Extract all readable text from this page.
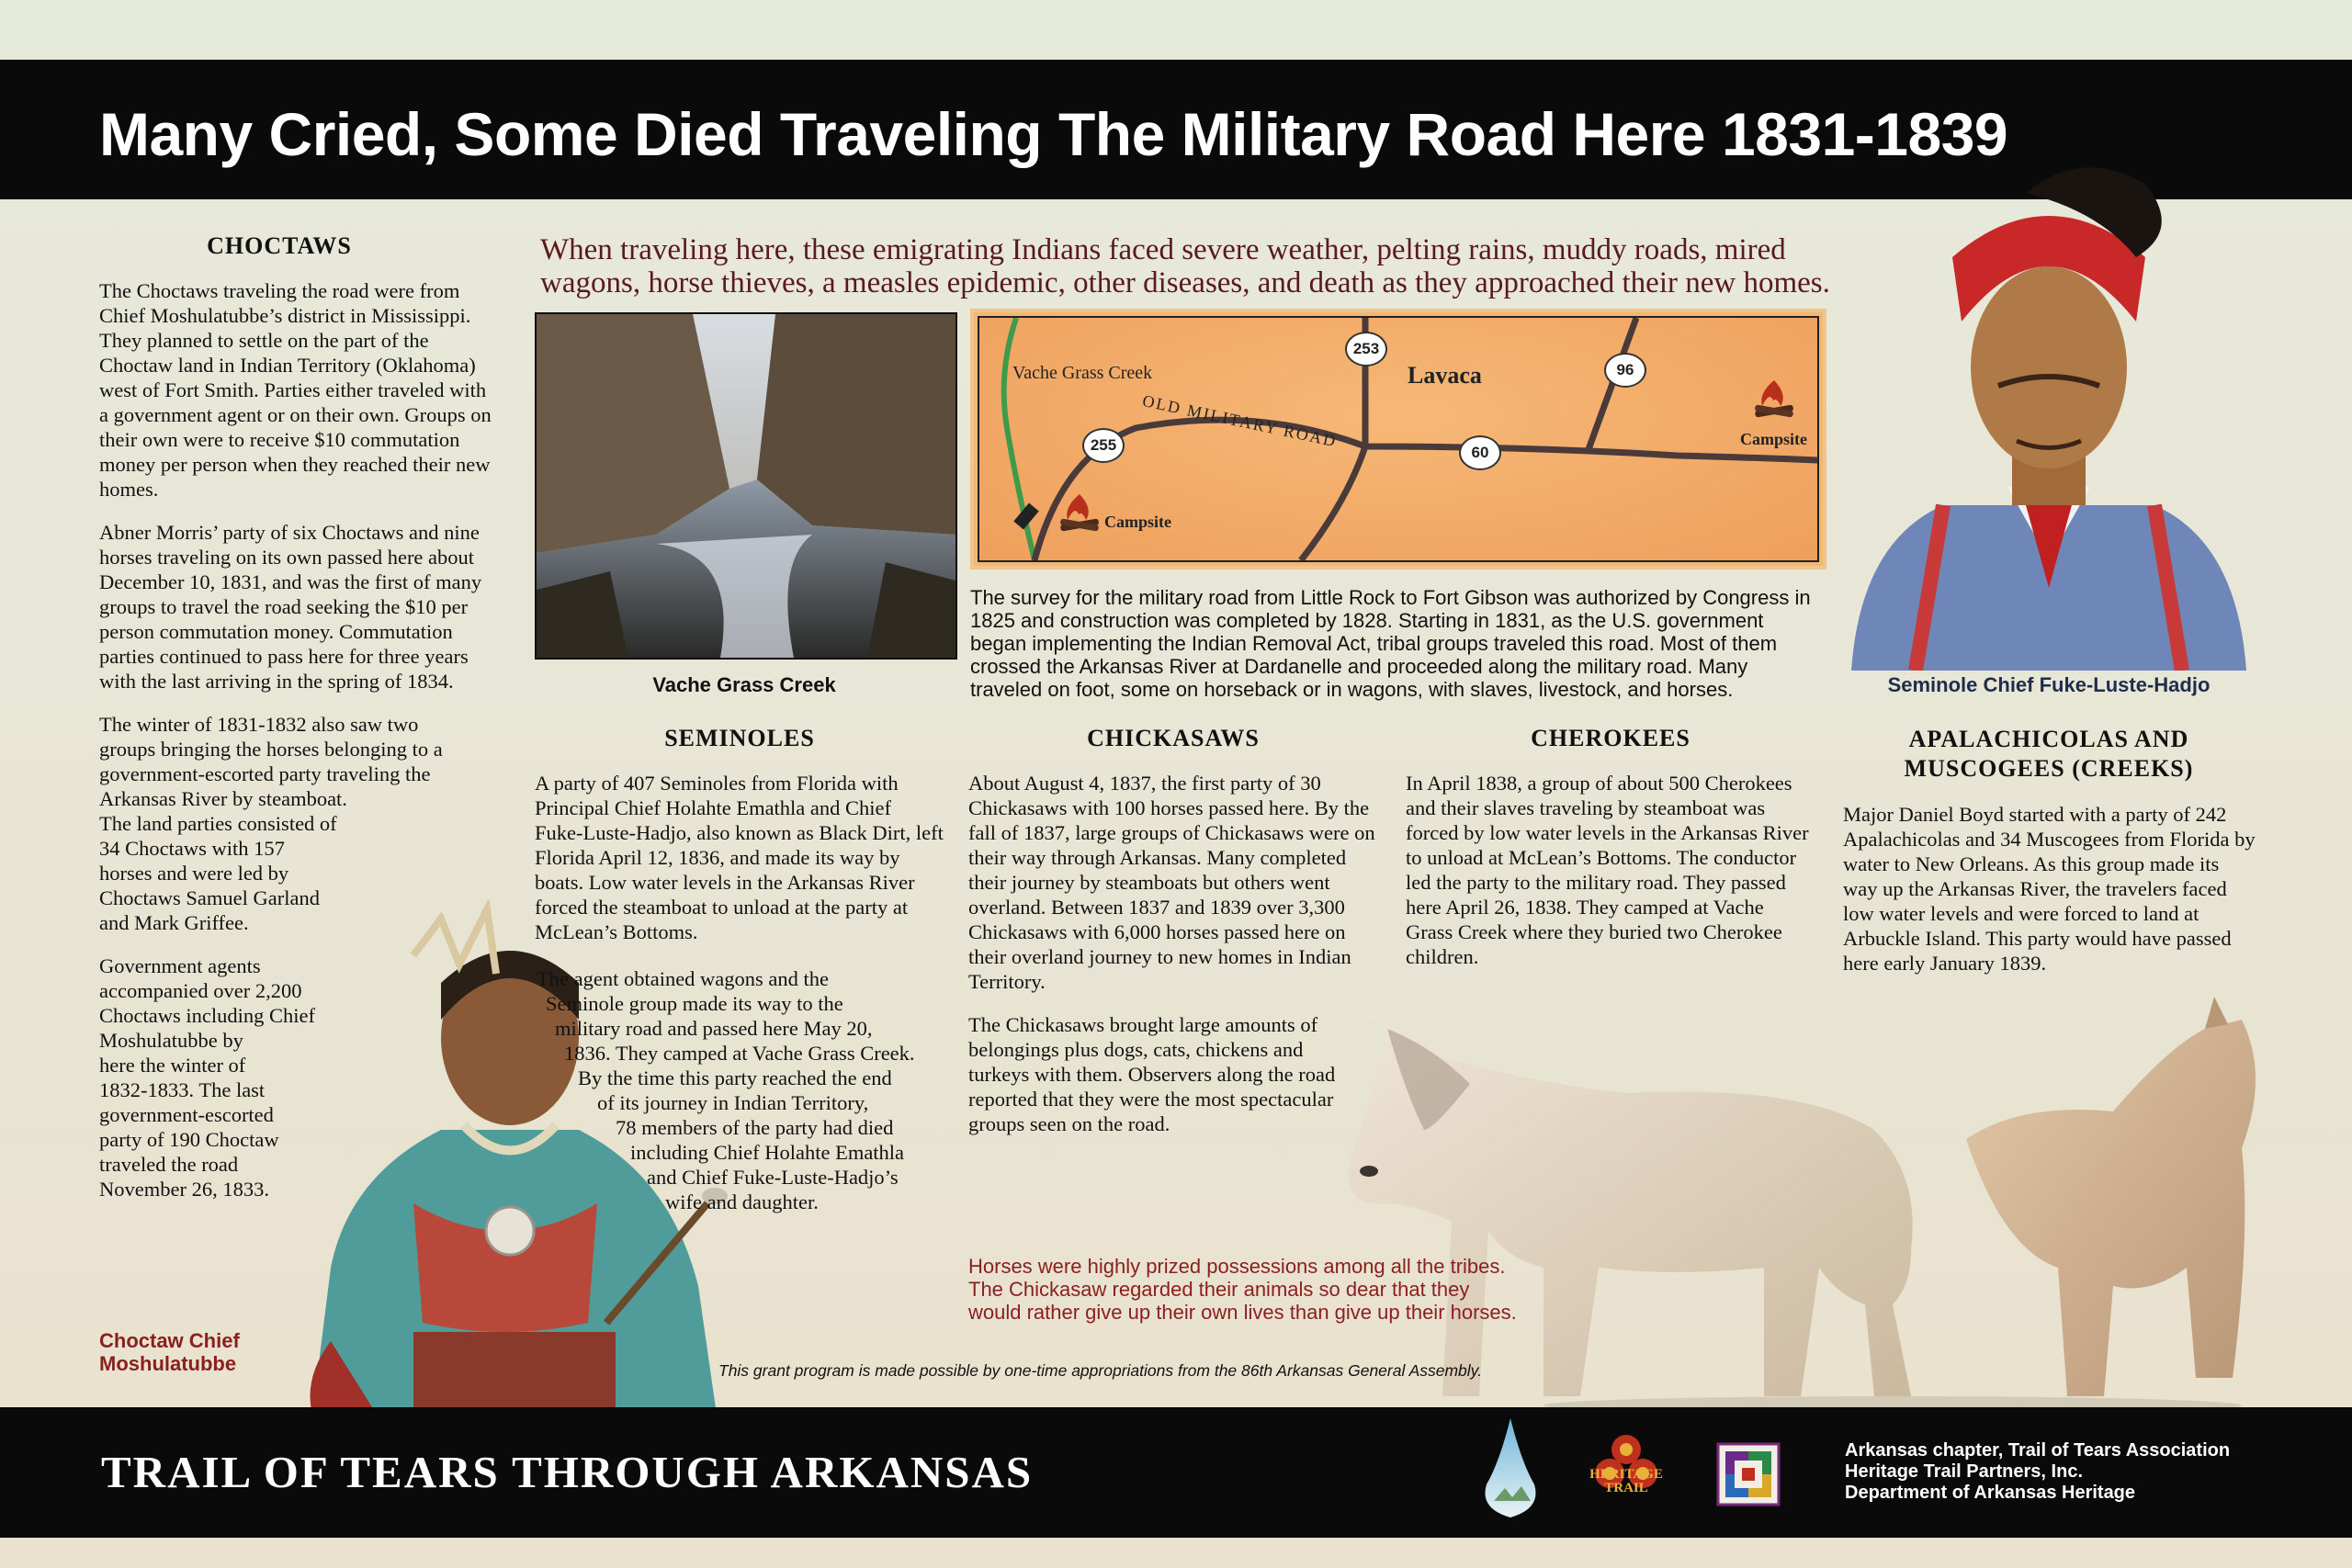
Many Cried, Some Died Traveling The Military Road Here 1831-1839
When traveling here, these emigrating Indians faced severe weather, pelting rains, muddy roads, mired wagons, horse thieves, a measles epidemic, other diseases, and death as they approached their new homes.
CHOCTAWS

The Choctaws traveling the road were from Chief Moshulatubbe’s district in Mississippi. They planned to settle on the part of the Choctaw land in Indian Territory (Oklahoma) west of Fort Smith. Parties either traveled with a government agent or on their own. Groups on their own were to receive $10 commutation money per person when they reached their new homes.

Abner Morris’ party of six Choctaws and nine horses traveling on its own passed here about December 10, 1831, and was the first of many groups to travel the road seeking the $10 per person commutation money. Commutation parties continued to pass here for three years with the last arriving in the spring of 1834.

The winter of 1831-1832 also saw two
groups bringing the horses belonging to a
government-escorted party traveling the
Arkansas River by steamboat.
The land parties consisted of
34 Choctaws with 157
horses and were led by
Choctaws Samuel Garland
and Mark Griffee.

Government agents
accompanied over 2,200
Choctaws including Chief
Moshulatubbe by
here the winter of
1832-1833. The last
government-escorted
party of 190 Choctaw
traveled the road
November 26, 1833.

Choctaw Chief
Moshulatubbe
Vache Grass Creek
Vache Grass Creek
OLD MILITARY ROAD
Lavaca
253
96
255	60
Campsite
Campsite
The survey for the military road from Little Rock to Fort Gibson was authorized by Congress in 1825 and construction was completed by 1828. Starting in 1831, as the U.S. government began implementing the Indian Removal Act, tribal groups traveled this road. Most of them crossed the Arkansas River at Dardanelle and proceeded along the military road. Many traveled on foot, some on horseback or in wagons, with slaves, livestock, and horses.	Seminole Chief Fuke-Luste-Hadjo
SEMINOLES
A party of 407 Seminoles from Florida with Principal Chief Holahte Emathla and Chief Fuke-Luste-Hadjo, also known as Black Dirt, left Florida April 12, 1836, and made its way by boats. Low water levels in the Arkansas River forced the steamboat to unload at the party at McLean’s Bottoms.
The agent obtained wagons and the
Seminole group made its way to the
military road and passed here May 20,
1836. They camped at Vache Grass Creek.
By the time this party reached the end
of its journey in Indian Territory,
78 members of the party had died
including Chief Holahte Emathla
and Chief Fuke-Luste-Hadjo’s
wife and daughter.
CHICKASAWS

About August 4, 1837, the first party of 30 Chickasaws with 100 horses passed here. By the fall of 1837, large groups of Chickasaws were on their way through Arkansas. Many completed their journey by steamboats but others went overland. Between 1837 and 1839 over 3,300 Chickasaws with 6,000 horses passed here on their overland journey to new homes in Indian Territory.

The Chickasaws brought large amounts of belongings plus dogs, cats, chickens and turkeys with them. Observers along the road reported that they were the most spectacular groups seen on the road.

CHEROKEES
In April 1838, a group of about 500 Cherokees and their slaves traveling by steamboat was forced by low water levels in the Arkansas River to unload at McLean’s Bottoms. The conductor led the party to the military road. They passed here April 26, 1838. They camped at Vache Grass Creek where they buried two Cherokee children.
APALACHICOLAS AND
MUSCOGEES (CREEKS)
Major Daniel Boyd started with a party of 242 Apalachicolas and 34 Muscogees from Florida by water to New Orleans. As this group made its way up the Arkansas River, the travelers faced low water levels and were forced to land at Arbuckle Island. This party would have passed here early January 1839.
Horses were highly prized possessions among all the tribes.
The Chickasaw regarded their animals so dear that they
would rather give up their own lives than give up their horses.
This grant program is made possible by one-time appropriations from the 86th Arkansas General Assembly.
TRAIL OF TEARS THROUGH ARKANSAS	HERITAGE
TRAIL
Arkansas chapter, Trail of Tears Association
Heritage Trail Partners, Inc.
Department of Arkansas Heritage
